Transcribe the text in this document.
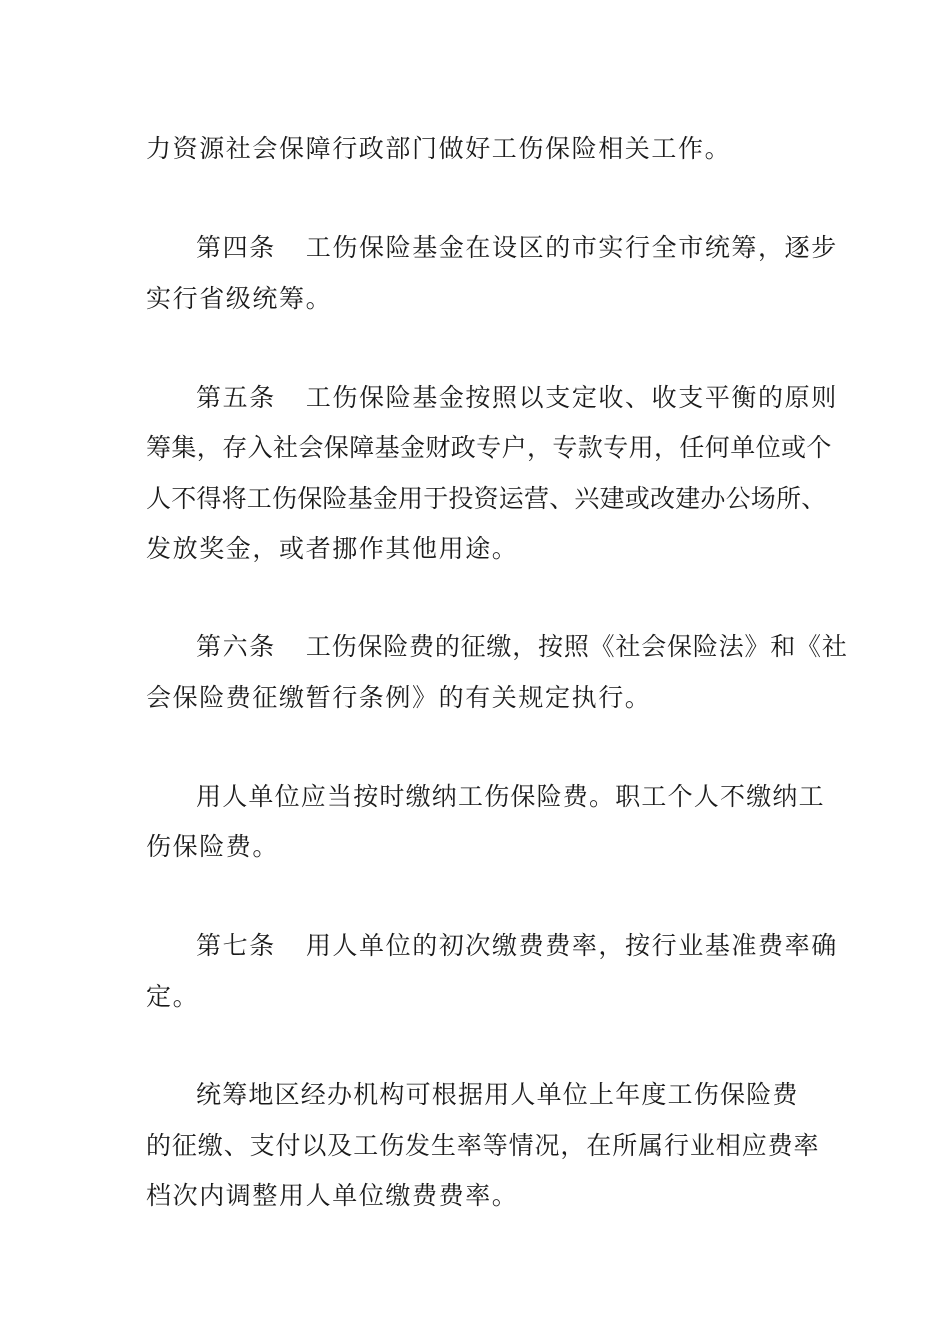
力资源社会保障行政部门做好工伤保险相关工作。
第四条 工伤保险基金在设区的市实行全市统筹，逐步
实行省级统筹。
第五条 工伤保险基金按照以支定收、收支平衡的原则
筹集，存入社会保障基金财政专户，专款专用，任何单位或个
人不得将工伤保险基金用于投资运营、兴建或改建办公场所、
发放奖金，或者挪作其他用途。
第六条 工伤保险费的征缴，按照《社会保险法》和《社
会保险费征缴暂行条例》的有关规定执行。
用人单位应当按时缴纳工伤保险费。职工个人不缴纳工
伤保险费。
第七条 用人单位的初次缴费费率，按行业基准费率确
定。
统筹地区经办机构可根据用人单位上年度工伤保险费
的征缴、支付以及工伤发生率等情况，在所属行业相应费率
档次内调整用人单位缴费费率。
